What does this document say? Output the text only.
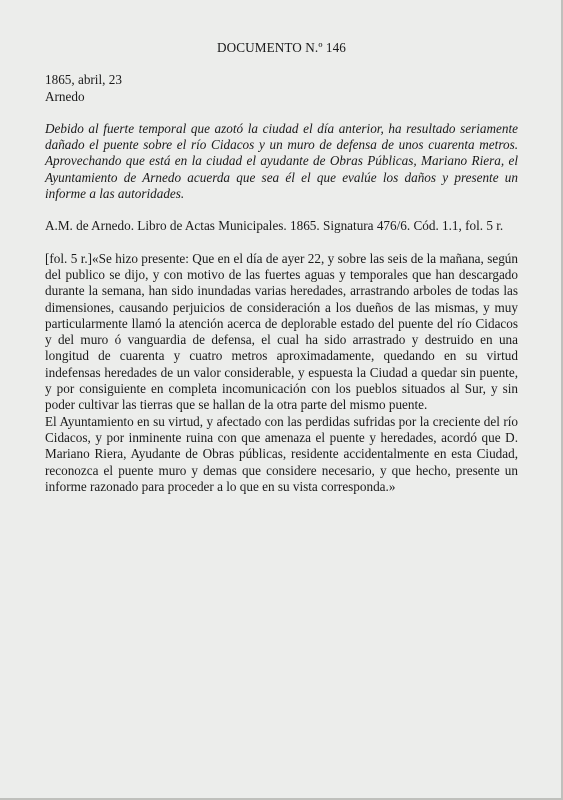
DOCUMENTO N.º 146

1865, abril, 23

Arnedo

Debido al fuerte temporal que azotó la ciudad el día anterior, ha resultado seriamente dañado el puente sobre el río Cidacos y un muro de defensa de unos cuarenta metros. Aprovechando que está en la ciudad el ayudante de Obras Públicas, Mariano Riera, el Ayuntamiento de Arnedo acuerda que sea él el que evalúe los daños y presente un informe a las autoridades.

A.M. de Arnedo. Libro de Actas Municipales. 1865. Signatura 476/6. Cód. 1.1, fol. 5 r.

[fol. 5 r.]«Se hizo presente: Que en el día de ayer 22, y sobre las seis de la mañana, según del publico se dijo, y con motivo de las fuertes aguas y temporales que han descargado durante la semana, han sido inundadas varias heredades, arrastrando arboles de todas las dimensiones, causando perjuicios de consideración a los dueños de las mismas, y muy particularmente llamó la atención acerca de deplorable estado del puente del río Cidacos y del muro ó vanguardia de defensa, el cual ha sido arrastrado y destruido en una longitud de cuarenta y cuatro metros aproximadamente, quedando en su virtud indefensas heredades de un valor considerable, y espuesta la Ciudad a quedar sin puente, y por consiguiente en completa incomunicación con los pueblos situados al Sur, y sin poder cultivar las tierras que se hallan de la otra parte del mismo puente.

El Ayuntamiento en su virtud, y afectado con las perdidas sufridas por la creciente del río Cidacos, y por inminente ruina con que amenaza el puente y heredades, acordó que D. Mariano Riera, Ayudante de Obras públicas, residente accidentalmente en esta Ciudad, reconozca el puente muro y demas que considere necesario, y que hecho, presente un informe razonado para proceder a lo que en su vista corresponda.»
